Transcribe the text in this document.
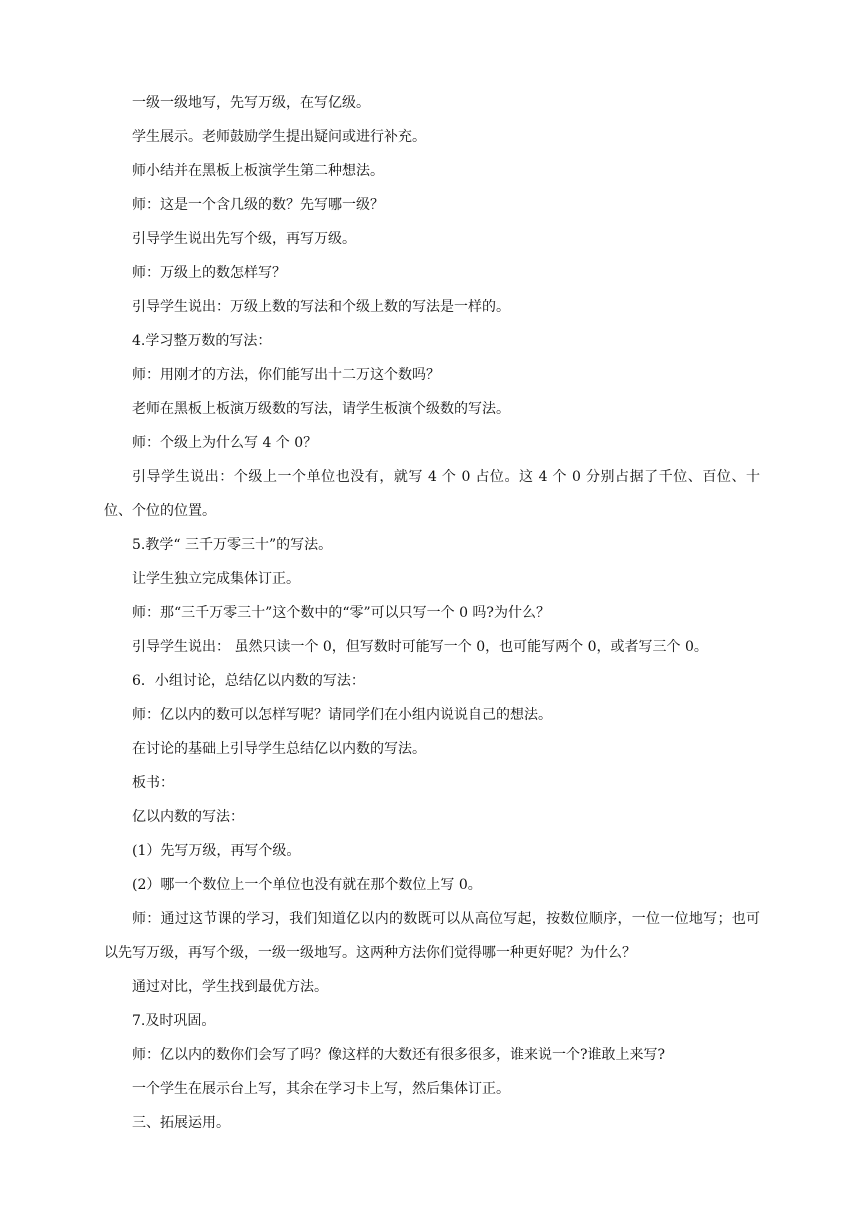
一级一级地写，先写万级，在写亿级。

学生展示。老师鼓励学生提出疑问或进行补充。

师小结并在黑板上板演学生第二种想法。

师：这是一个含几级的数？先写哪一级？

引导学生说出先写个级，再写万级。

师：万级上的数怎样写？

引导学生说出：万级上数的写法和个级上数的写法是一样的。

4.学习整万数的写法：

师：用刚才的方法，你们能写出十二万这个数吗？

老师在黑板上板演万级数的写法，请学生板演个级数的写法。

师：个级上为什么写 4 个 0？

引导学生说出：个级上一个单位也没有，就写 4 个 0 占位。这 4 个 0 分别占据了千位、百位、十位、个位的位置。

5.教学“ 三千万零三十”的写法。

让学生独立完成集体订正。

师：那“三千万零三十”这个数中的“零”可以只写一个 0 吗?为什么？

引导学生说出： 虽然只读一个 0，但写数时可能写一个 0，也可能写两个 0，或者写三个 0。

6．小组讨论，总结亿以内数的写法：

师：亿以内的数可以怎样写呢？请同学们在小组内说说自己的想法。

在讨论的基础上引导学生总结亿以内数的写法。

板书：

亿以内数的写法：

(1）先写万级，再写个级。

(2）哪一个数位上一个单位也没有就在那个数位上写 0。

师：通过这节课的学习，我们知道亿以内的数既可以从高位写起，按数位顺序，一位一位地写；也可以先写万级，再写个级，一级一级地写。这两种方法你们觉得哪一种更好呢？为什么？

通过对比，学生找到最优方法。

7.及时巩固。

师：亿以内的数你们会写了吗？像这样的大数还有很多很多，谁来说一个?谁敢上来写?

一个学生在展示台上写，其余在学习卡上写，然后集体订正。

三、拓展运用。
